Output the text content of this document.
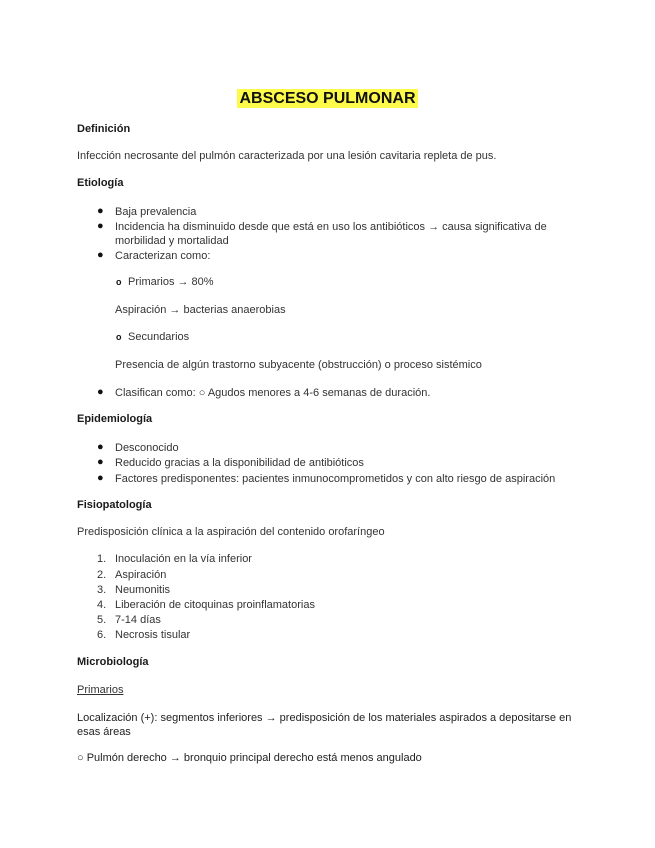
ABSCESO PULMONAR
Definición
Infección necrosante del pulmón caracterizada por una lesión cavitaria repleta de pus.
Etiología
● Baja prevalencia
● Incidencia ha disminuido desde que está en uso los antibióticos → causa significativa de morbilidad y mortalidad
● Caracterizan como:
o Primarios → 80%
Aspiración → bacterias anaerobias
o Secundarios
Presencia de algún trastorno subyacente (obstrucción) o proceso sistémico
● Clasifican como: ○ Agudos menores a 4-6 semanas de duración.
Epidemiología
● Desconocido
● Reducido gracias a la disponibilidad de antibióticos
● Factores predisponentes: pacientes inmunocomprometidos y con alto riesgo de aspiración
Fisiopatología
Predisposición clínica a la aspiración del contenido orofaríngeo
1. Inoculación en la vía inferior
2. Aspiración
3. Neumonitis
4. Liberación de citoquinas proinflamatorias
5. 7-14 días
6. Necrosis tisular
Microbiología
Primarios
Localización (+): segmentos inferiores → predisposición de los materiales aspirados a depositarse en esas áreas
○ Pulmón derecho → bronquio principal derecho está menos angulado
